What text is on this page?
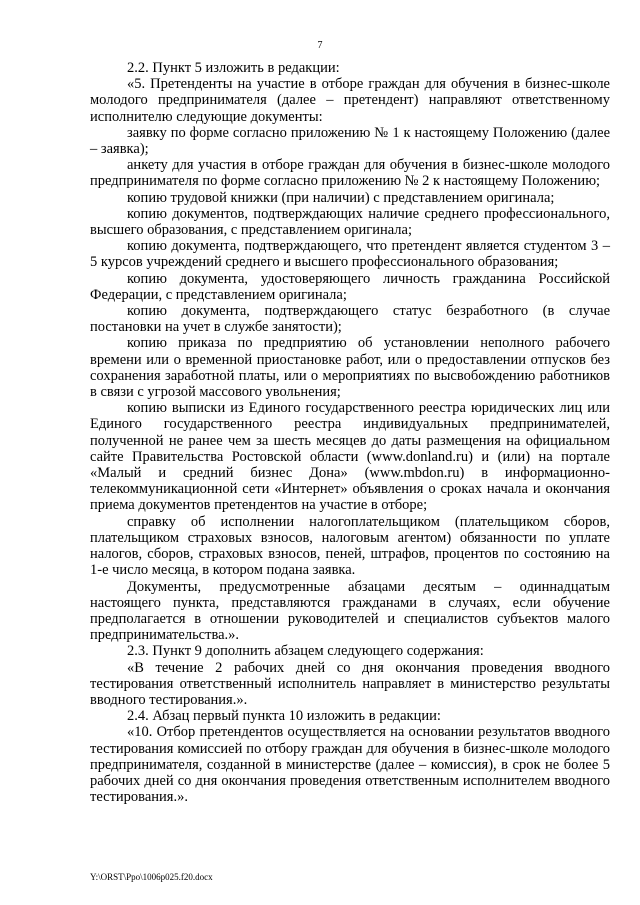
7

2.2. Пункт 5 изложить в редакции:

«5. Претенденты на участие в отборе граждан для обучения в бизнес-школе молодого предпринимателя (далее – претендент) направляют ответственному исполнителю следующие документы:

заявку по форме согласно приложению № 1 к настоящему Положению (далее – заявка);

анкету для участия в отборе граждан для обучения в бизнес-школе молодого предпринимателя по форме согласно приложению № 2 к настоящему Положению;

копию трудовой книжки (при наличии) с представлением оригинала;

копию документов, подтверждающих наличие среднего профессионального, высшего образования, с представлением оригинала;

копию документа, подтверждающего, что претендент является студентом 3 – 5 курсов учреждений среднего и высшего профессионального образования;

копию документа, удостоверяющего личность гражданина Российской Федерации, с представлением оригинала;

копию документа, подтверждающего статус безработного (в случае постановки на учет в службе занятости);

копию приказа по предприятию об установлении неполного рабочего времени или о временной приостановке работ, или о предоставлении отпусков без сохранения заработной платы, или о мероприятиях по высвобождению работников в связи с угрозой массового увольнения;

копию выписки из Единого государственного реестра юридических лиц или Единого государственного реестра индивидуальных предпринимателей, полученной не ранее чем за шесть месяцев до даты размещения на официальном сайте Правительства Ростовской области (www.donland.ru) и (или) на портале «Малый и средний бизнес Дона» (www.mbdon.ru) в информационно-телекоммуникационной сети «Интернет» объявления о сроках начала и окончания приема документов претендентов на участие в отборе;

справку об исполнении налогоплательщиком (плательщиком сборов, плательщиком страховых взносов, налоговым агентом) обязанности по уплате налогов, сборов, страховых взносов, пеней, штрафов, процентов по состоянию на 1-е число месяца, в котором подана заявка.

Документы, предусмотренные абзацами десятым – одиннадцатым настоящего пункта, представляются гражданами в случаях, если обучение предполагается в отношении руководителей и специалистов субъектов малого предпринимательства.».

2.3. Пункт 9 дополнить абзацем следующего содержания:

«В течение 2 рабочих дней со дня окончания проведения вводного тестирования ответственный исполнитель направляет в министерство результаты вводного тестирования.».

2.4. Абзац первый пункта 10 изложить в редакции:

«10. Отбор претендентов осуществляется на основании результатов вводного тестирования комиссией по отбору граждан для обучения в бизнес-школе молодого предпринимателя, созданной в министерстве (далее – комиссия), в срок не более 5 рабочих дней со дня окончания проведения ответственным исполнителем вводного тестирования.».

Y:\ORST\Ppo\1006p025.f20.docx
